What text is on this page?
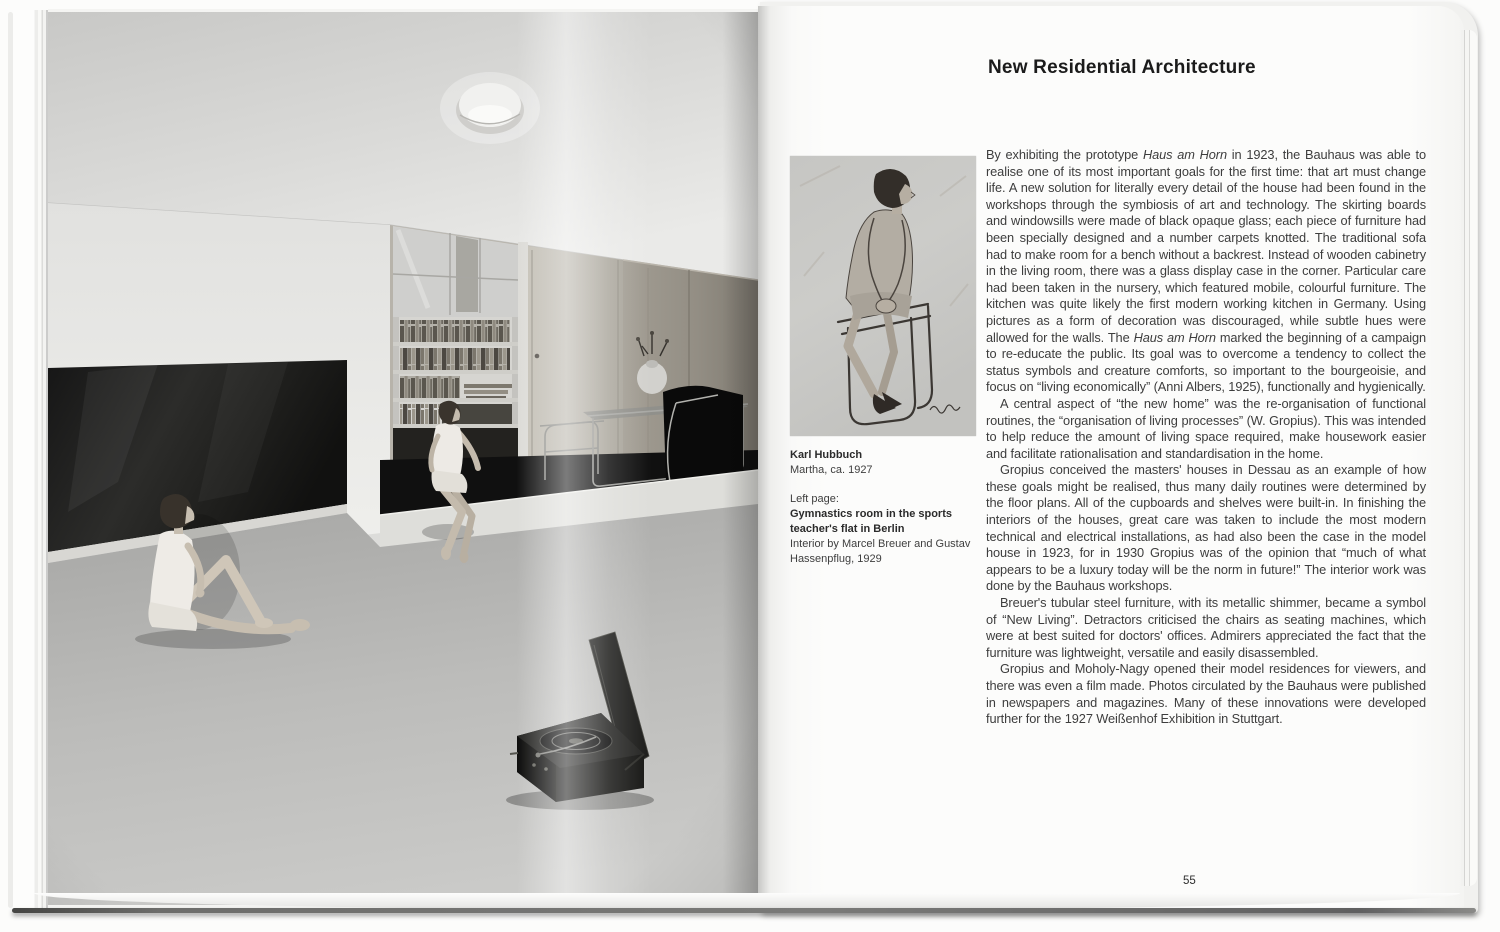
New Residential Architecture
Karl Hubbuch
Martha, ca. 1927
Left page:
Gymnastics room in the sports teacher's flat in Berlin
Interior by Marcel Breuer and Gustav Hassenpflug, 1929

By exhibiting the prototype Haus am Horn in 1923, the Bauhaus was able to realise one of its most important goals for the first time: that art must change life. A new solution for literally every detail of the house had been found in the workshops through the symbiosis of art and technology. The skirting boards and windowsills were made of black opaque glass; each piece of furniture had been specially designed and a number carpets knotted. The traditional sofa had to make room for a bench without a backrest. Instead of wooden cabinetry in the living room, there was a glass display case in the corner. Particular care had been taken in the nursery, which featured mobile, colourful furniture. The kitchen was quite likely the first modern working kitchen in Germany. Using pictures as a form of decoration was discouraged, while subtle hues were allowed for the walls. The Haus am Horn marked the beginning of a campaign to re-educate the public. Its goal was to overcome a tendency to collect the status symbols and creature comforts, so important to the bourgeoisie, and focus on “living economically” (Anni Albers, 1925), functionally and hygienically.

A central aspect of “the new home” was the re-organisation of functional routines, the “organisation of living processes” (W. Gropius). This was intended to help reduce the amount of living space required, make housework easier and facilitate rationalisation and standardisation in the home.

Gropius conceived the masters' houses in Dessau as an example of how these goals might be realised, thus many daily routines were determined by the floor plans. All of the cupboards and shelves were built-in. In finishing the interiors of the houses, great care was taken to include the most modern technical and electrical installations, as had also been the case in the model house in 1923, for in 1930 Gropius was of the opinion that “much of what appears to be a luxury today will be the norm in future!” The interior work was done by the Bauhaus workshops.

Breuer's tubular steel furniture, with its metallic shimmer, became a symbol of “New Living”. Detractors criticised the chairs as seating machines, which were at best suited for doctors' offices. Admirers appreciated the fact that the furniture was lightweight, versatile and easily disassembled.

Gropius and Moholy-Nagy opened their model residences for viewers, and there was even a film made. Photos circulated by the Bauhaus were published in newspapers and magazines. Many of these innovations were developed further for the 1927 Weißenhof Exhibition in Stuttgart.

55
